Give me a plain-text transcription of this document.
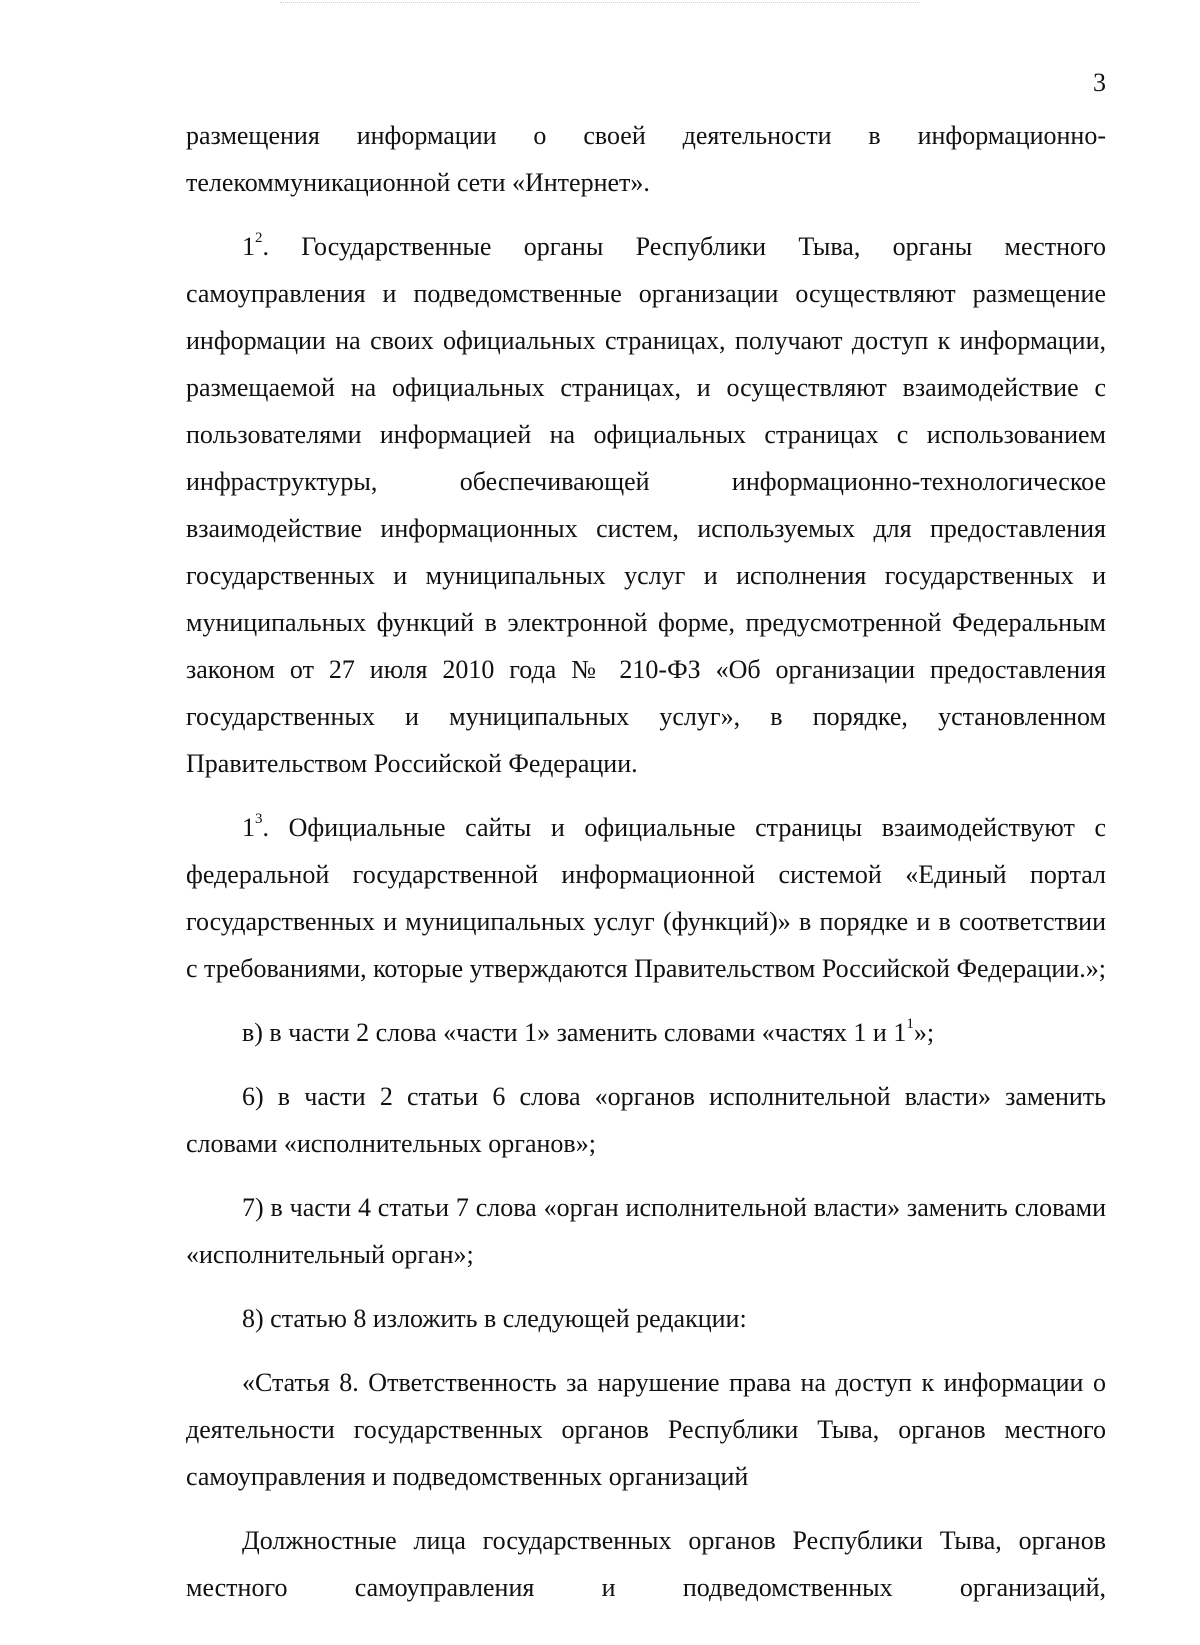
3

размещения информации о своей деятельности в информационно-телекоммуникационной сети «Интернет».

$1^2$. Государственные органы Республики Тыва, органы местного самоуправления и подведомственные организации осуществляют размещение информации на своих официальных страницах, получают доступ к информации, размещаемой на официальных страницах, и осуществляют взаимодействие с пользователями информацией на официальных страницах с использованием инфраструктуры, обеспечивающей информационно-технологическое взаимодействие информационных систем, используемых для предоставления государственных и муниципальных услуг и исполнения государственных и муниципальных функций в электронной форме, предусмотренной Федеральным законом от 27 июля 2010 года № 210-ФЗ «Об организации предоставления государственных и муниципальных услуг», в порядке, установленном Правительством Российской Федерации.

$1^3$. Официальные сайты и официальные страницы взаимодействуют с федеральной государственной информационной системой «Единый портал государственных и муниципальных услуг (функций)» в порядке и в соответствии с требованиями, которые утверждаются Правительством Российской Федерации.»;

в) в части 2 слова «части 1» заменить словами «частях 1 и $1^1$»;

6) в части 2 статьи 6 слова «органов исполнительной власти» заменить словами «исполнительных органов»;

7) в части 4 статьи 7 слова «орган исполнительной власти» заменить словами «исполнительный орган»;

8) статью 8 изложить в следующей редакции:

«Статья 8. Ответственность за нарушение права на доступ к информации о деятельности государственных органов Республики Тыва, органов местного самоуправления и подведомственных организаций

Должностные лица государственных органов Республики Тыва, органов местного самоуправления и подведомственных организаций,
